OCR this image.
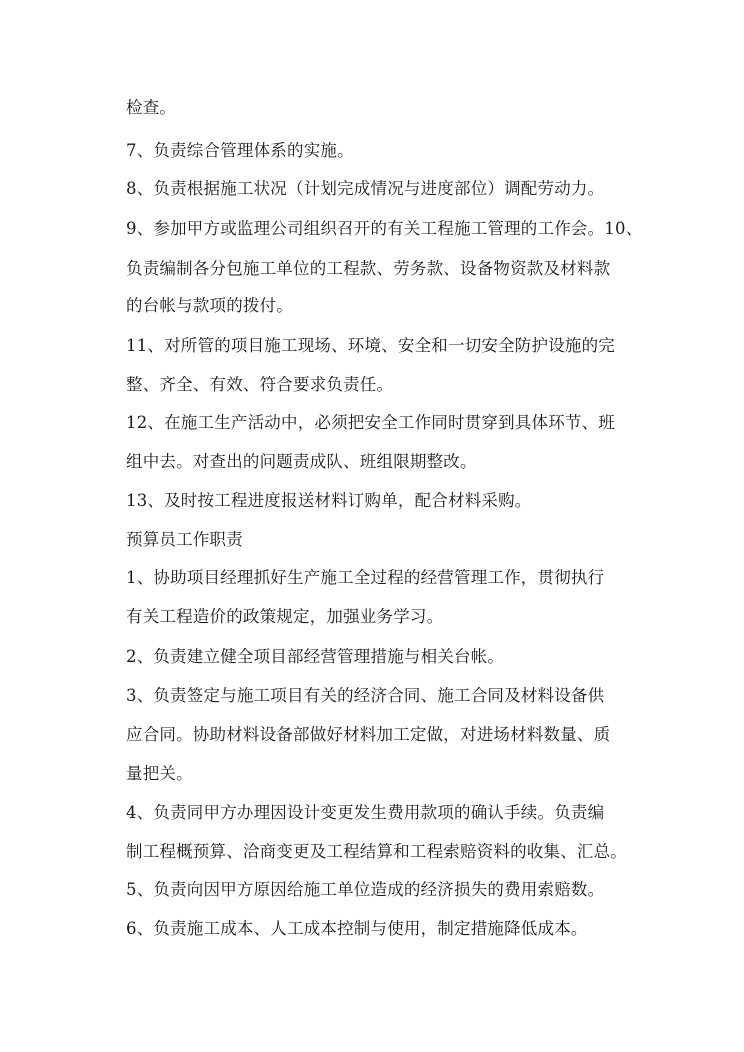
检查。

7、负责综合管理体系的实施。

8、负责根据施工状况（计划完成情况与进度部位）调配劳动力。

9、参加甲方或监理公司组织召开的有关工程施工管理的工作会。10、

负责编制各分包施工单位的工程款、劳务款、设备物资款及材料款

的台帐与款项的拨付。

11、对所管的项目施工现场、环境、安全和一切安全防护设施的完

整、齐全、有效、符合要求负责任。

12、在施工生产活动中，必须把安全工作同时贯穿到具体环节、班

组中去。对查出的问题责成队、班组限期整改。

13、及时按工程进度报送材料订购单，配合材料采购。

预算员工作职责

1、协助项目经理抓好生产施工全过程的经营管理工作，贯彻执行

有关工程造价的政策规定，加强业务学习。

2、负责建立健全项目部经营管理措施与相关台帐。

3、负责签定与施工项目有关的经济合同、施工合同及材料设备供

应合同。协助材料设备部做好材料加工定做，对进场材料数量、质

量把关。

4、负责同甲方办理因设计变更发生费用款项的确认手续。负责编

制工程概预算、洽商变更及工程结算和工程索赔资料的收集、汇总。

5、负责向因甲方原因给施工单位造成的经济损失的费用索赔数。

6、负责施工成本、人工成本控制与使用，制定措施降低成本。
